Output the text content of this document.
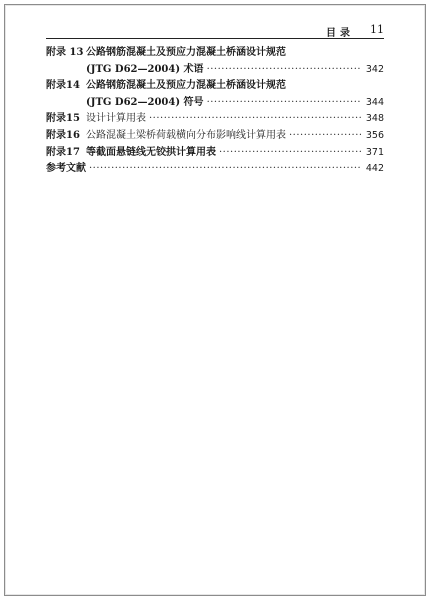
目录 11
附录 13 公路钢筋混凝土及预应力混凝土桥涵设计规范
(JTG D62—2004) 术语 ·····	342
附录14 公路钢筋混凝土及预应力混凝土桥涵设计规范
(JTG D62—2004) 符号 ·····	344
附录15 设计计算用表 ·····	348
附录16 公路混凝土梁桥荷载横向分布影响线计算用表 ·····	356
附录17 等截面悬链线无铰拱计算用表 ·····	371
参考文献 ·····	442
